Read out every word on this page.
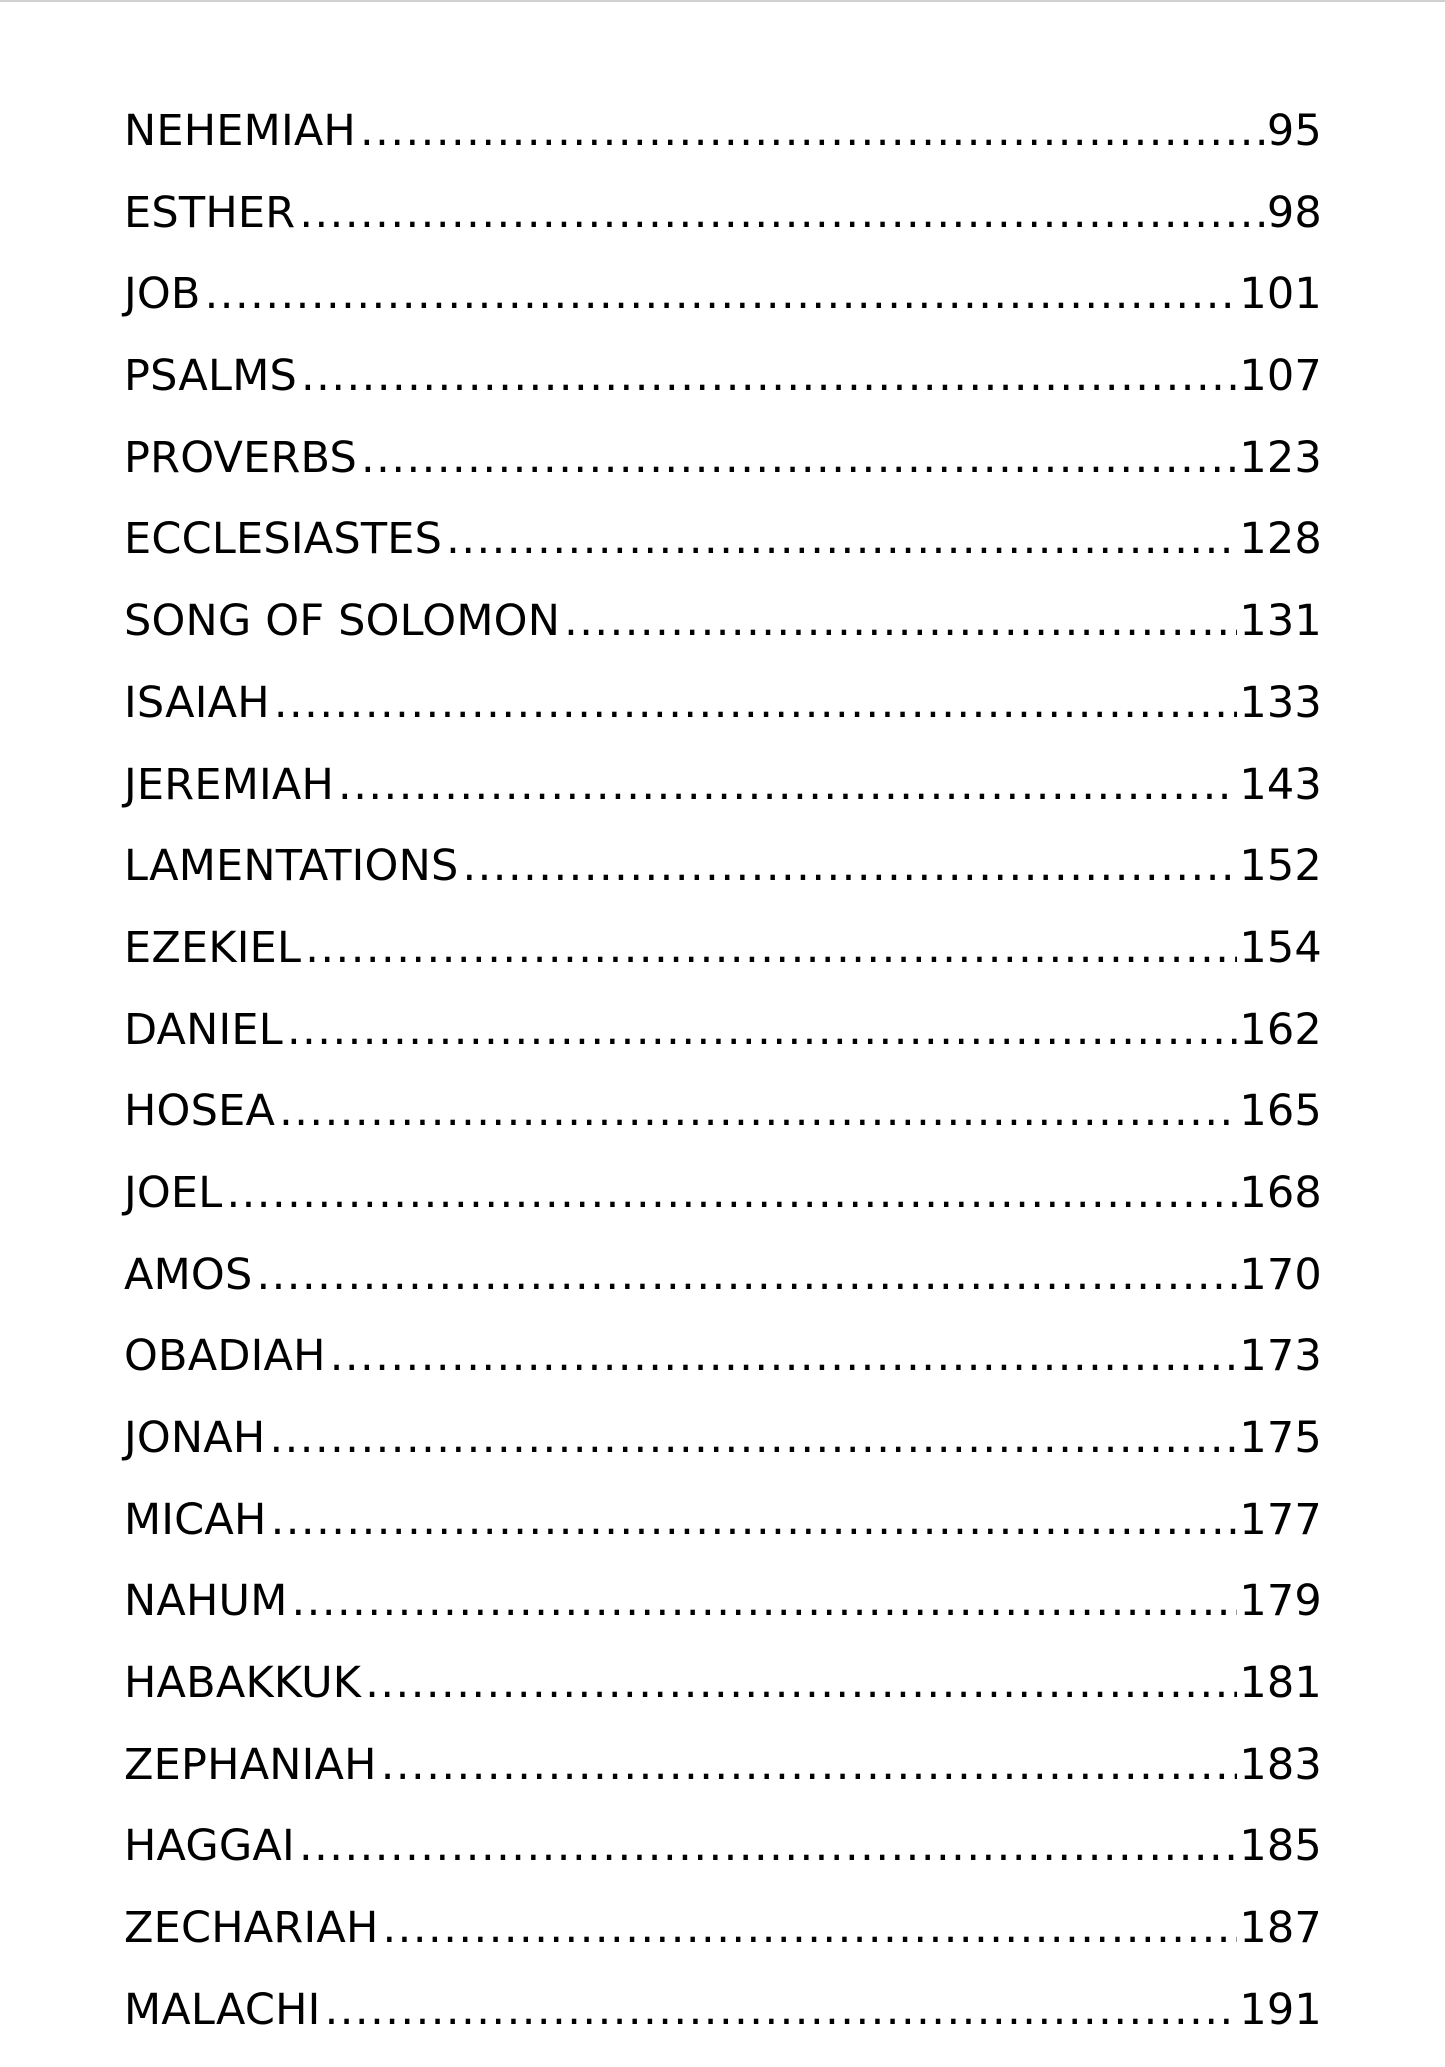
NEHEMIAH .....	95
ESTHER .....	98
JOB .....	101
PSALMS .....	107
PROVERBS .....	123
ECCLESIASTES .....	128
SONG OF SOLOMON .....	131
ISAIAH .....	133
JEREMIAH .....	143
LAMENTATIONS .....	152
EZEKIEL .....	154
DANIEL .....	162
HOSEA .....	165
JOEL .....	168
AMOS .....	170
OBADIAH .....	173
JONAH .....	175
MICAH .....	177
NAHUM .....	179
HABAKKUK .....	181
ZEPHANIAH .....	183
HAGGAI .....	185
ZECHARIAH .....	187
MALACHI .....	191
